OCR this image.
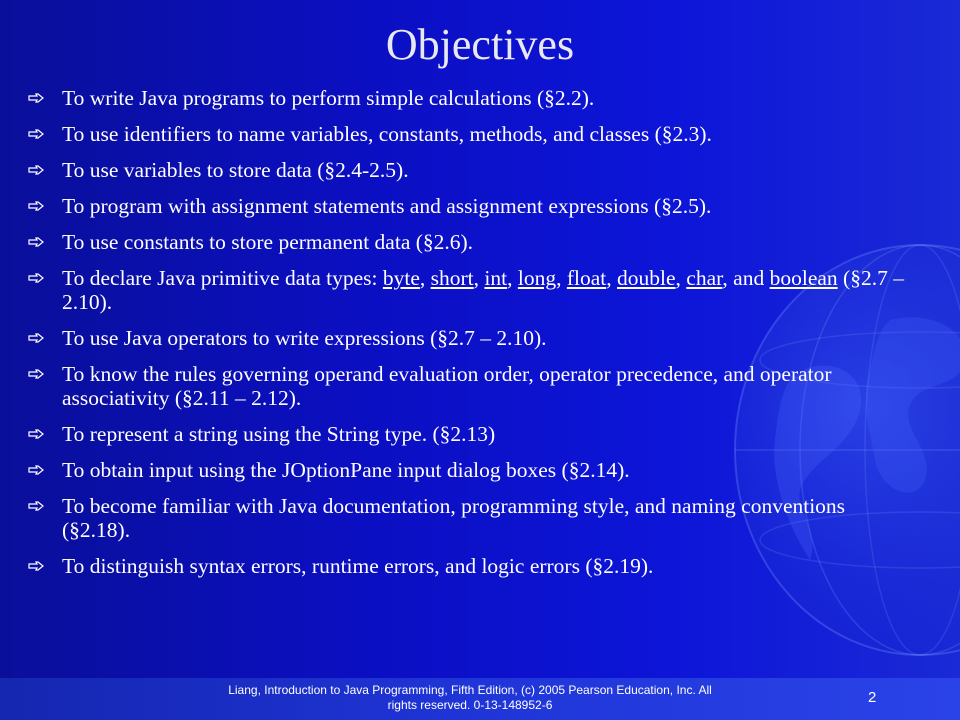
Objectives
To write Java programs to perform simple calculations (§2.2).
To use identifiers to name variables, constants, methods, and classes (§2.3).
To use variables to store data (§2.4-2.5).
To program with assignment statements and assignment expressions (§2.5).
To use constants to store permanent data (§2.6).
To declare Java primitive data types: byte, short, int, long, float, double, char, and boolean (§2.7 – 2.10).
To use Java operators to write expressions (§2.7 – 2.10).
To know the rules governing operand evaluation order, operator precedence, and operator associativity (§2.11 – 2.12).
To represent a string using the String type. (§2.13)
To obtain input using the JOptionPane input dialog boxes (§2.14).
To become familiar with Java documentation, programming style, and naming conventions (§2.18).
To distinguish syntax errors, runtime errors, and logic errors (§2.19).
Liang, Introduction to Java Programming, Fifth Edition, (c) 2005 Pearson Education, Inc. All
rights reserved. 0-13-148952-6	2
